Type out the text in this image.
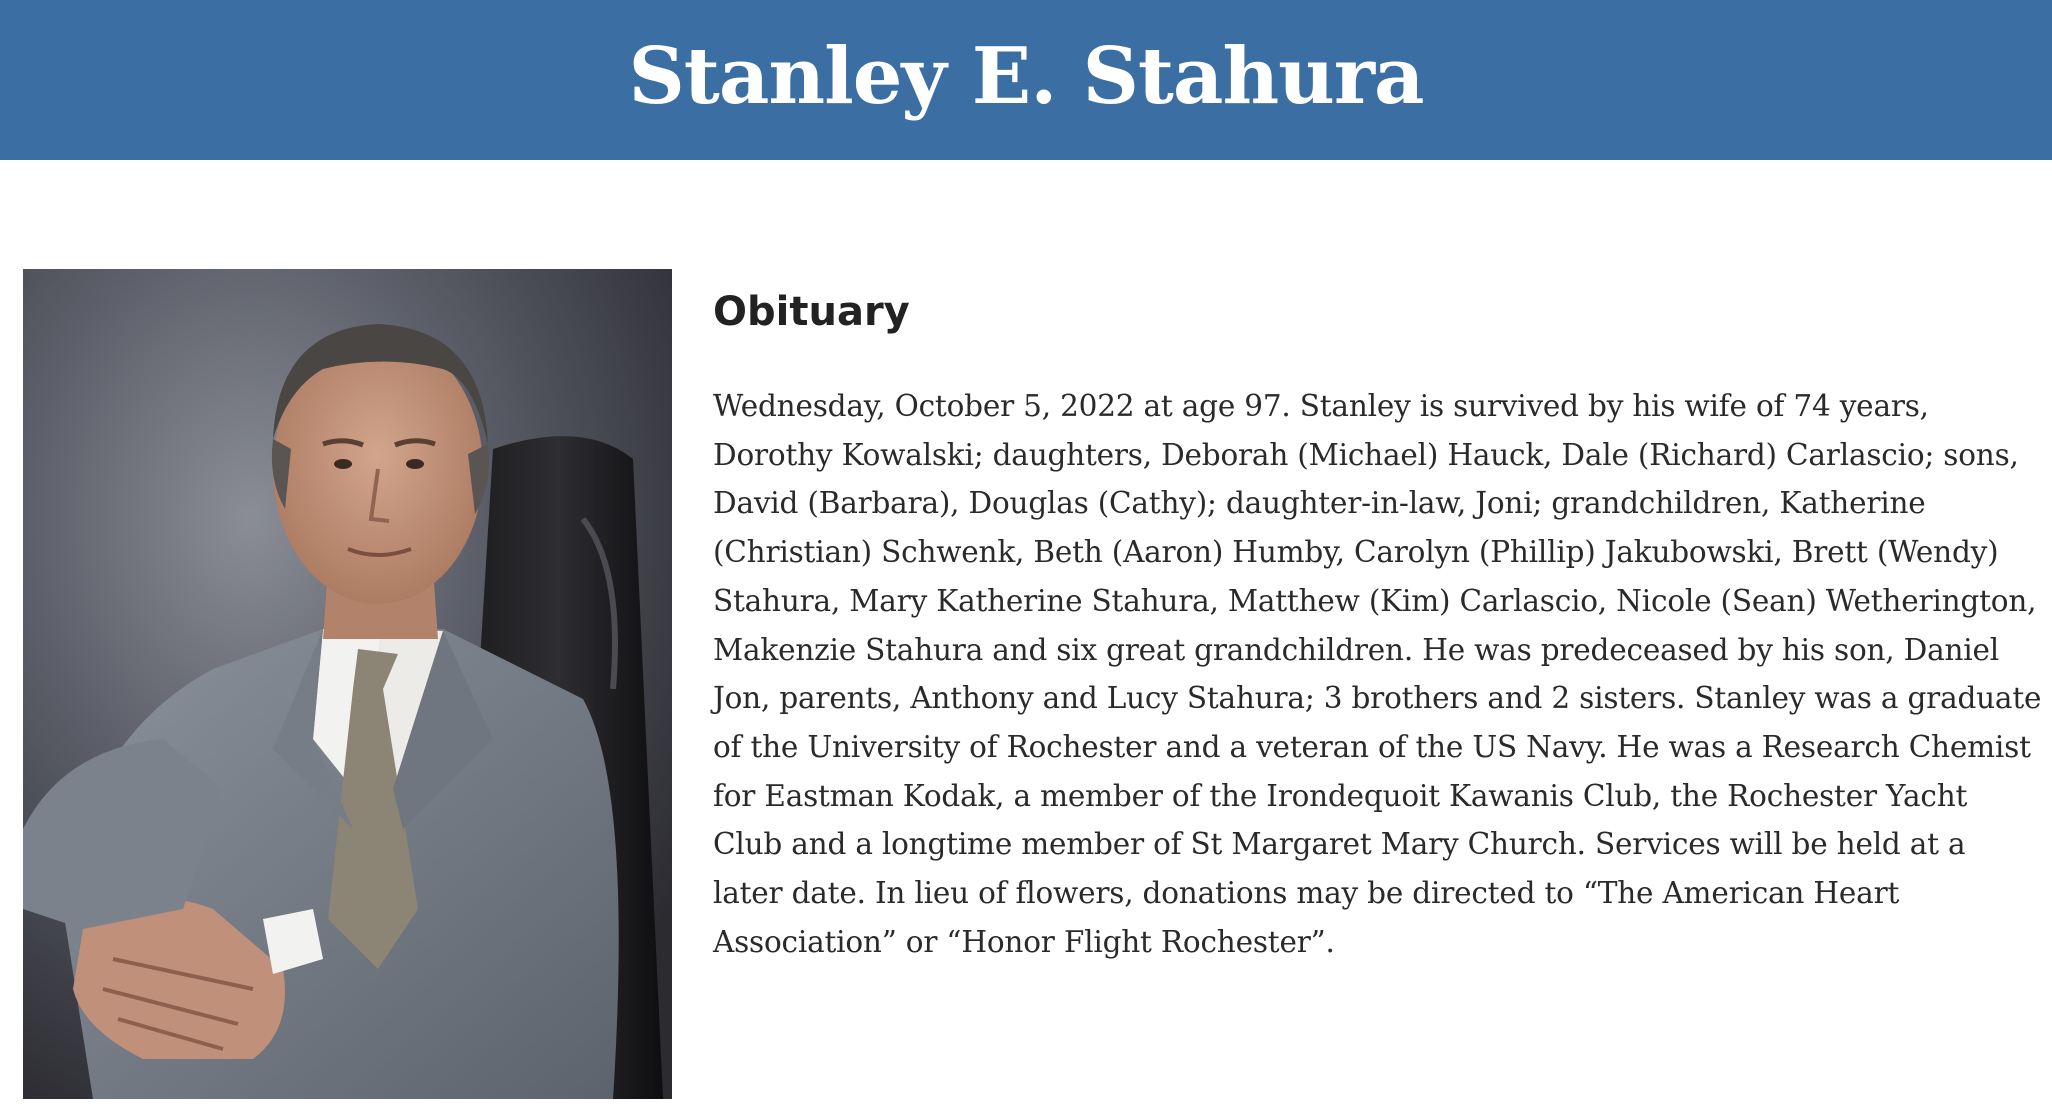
Stanley E. Stahura
Obituary

Wednesday, October 5, 2022 at age 97. Stanley is survived by his wife of 74 years, Dorothy Kowalski; daughters, Deborah (Michael) Hauck, Dale (Richard) Carlascio; sons, David (Barbara), Douglas (Cathy); daughter-in-law, Joni; grandchildren, Katherine (Christian) Schwenk, Beth (Aaron) Humby, Carolyn (Phillip) Jakubowski, Brett (Wendy) Stahura, Mary Katherine Stahura, Matthew (Kim) Carlascio, Nicole (Sean) Wetherington, Makenzie Stahura and six great grandchildren. He was predeceased by his son, Daniel Jon, parents, Anthony and Lucy Stahura; 3 brothers and 2 sisters. Stanley was a graduate of the University of Rochester and a veteran of the US Navy. He was a Research Chemist for Eastman Kodak, a member of the Irondequoit Kawanis Club, the Rochester Yacht Club and a longtime member of St Margaret Mary Church. Services will be held at a later date. In lieu of flowers, donations may be directed to “The American Heart Association” or “Honor Flight Rochester”.
